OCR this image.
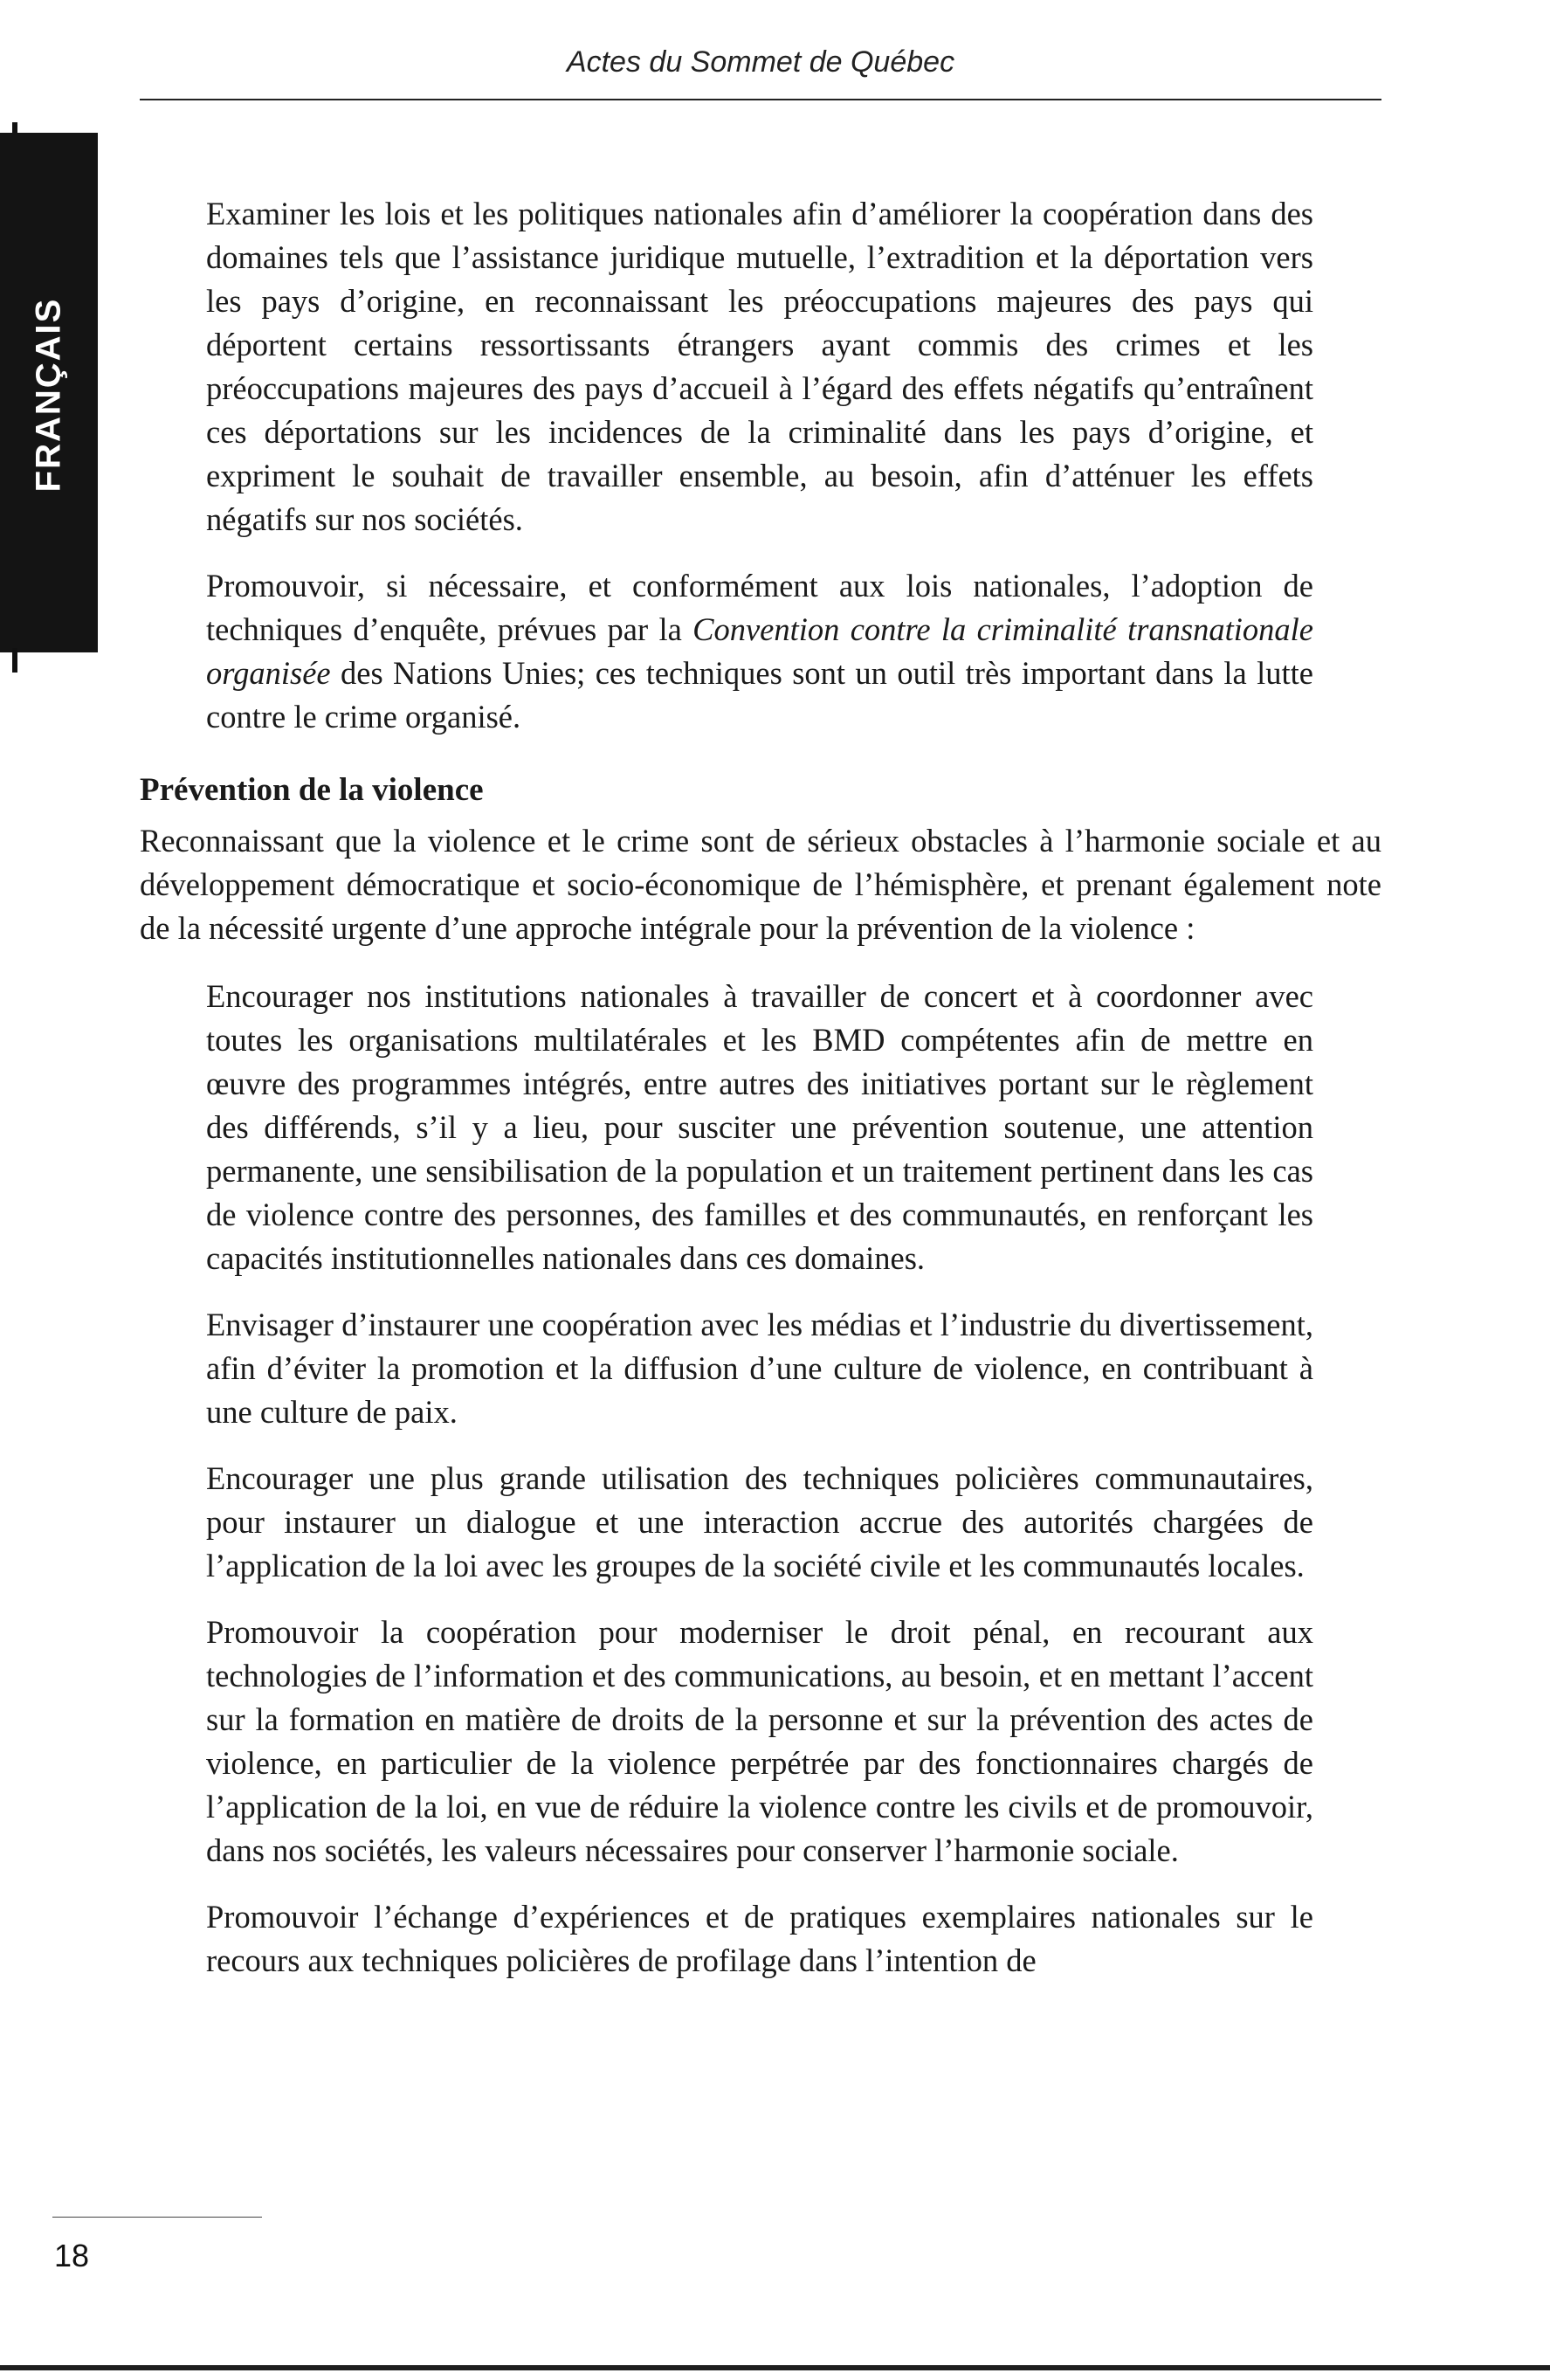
Actes du Sommet de Québec
FRANÇAIS

Examiner les lois et les politiques nationales afin d’améliorer la coopération dans des domaines tels que l’assistance juridique mutuelle, l’extradition et la déportation vers les pays d’origine, en reconnaissant les préoccupations majeures des pays qui déportent certains ressortissants étrangers ayant commis des crimes et les préoccupations majeures des pays d’accueil à l’égard des effets négatifs qu’entraînent ces déportations sur les incidences de la criminalité dans les pays d’origine, et expriment le souhait de travailler ensemble, au besoin, afin d’atténuer les effets négatifs sur nos sociétés.

Promouvoir, si nécessaire, et conformément aux lois nationales, l’adoption de techniques d’enquête, prévues par la Convention contre la criminalité transnationale organisée des Nations Unies; ces techniques sont un outil très important dans la lutte contre le crime organisé.

Prévention de la violence

Reconnaissant que la violence et le crime sont de sérieux obstacles à l’harmonie sociale et au développement démocratique et socio-économique de l’hémisphère, et prenant également note de la nécessité urgente d’une approche intégrale pour la prévention de la violence :

Encourager nos institutions nationales à travailler de concert et à coordonner avec toutes les organisations multilatérales et les BMD compétentes afin de mettre en œuvre des programmes intégrés, entre autres des initiatives portant sur le règlement des différends, s’il y a lieu, pour susciter une prévention soutenue, une attention permanente, une sensibilisation de la population et un traitement pertinent dans les cas de violence contre des personnes, des familles et des communautés, en renforçant les capacités institutionnelles nationales dans ces domaines.

Envisager d’instaurer une coopération avec les médias et l’industrie du divertissement, afin d’éviter la promotion et la diffusion d’une culture de violence, en contribuant à une culture de paix.

Encourager une plus grande utilisation des techniques policières communautaires, pour instaurer un dialogue et une interaction accrue des autorités chargées de l’application de la loi avec les groupes de la société civile et les communautés locales.

Promouvoir la coopération pour moderniser le droit pénal, en recourant aux technologies de l’information et des communications, au besoin, et en mettant l’accent sur la formation en matière de droits de la personne et sur la prévention des actes de violence, en particulier de la violence perpétrée par des fonctionnaires chargés de l’application de la loi, en vue de réduire la violence contre les civils et de promouvoir, dans nos sociétés, les valeurs nécessaires pour conserver l’harmonie sociale.

Promouvoir l’échange d’expériences et de pratiques exemplaires nationales sur le recours aux techniques policières de profilage dans l’intention de

18
